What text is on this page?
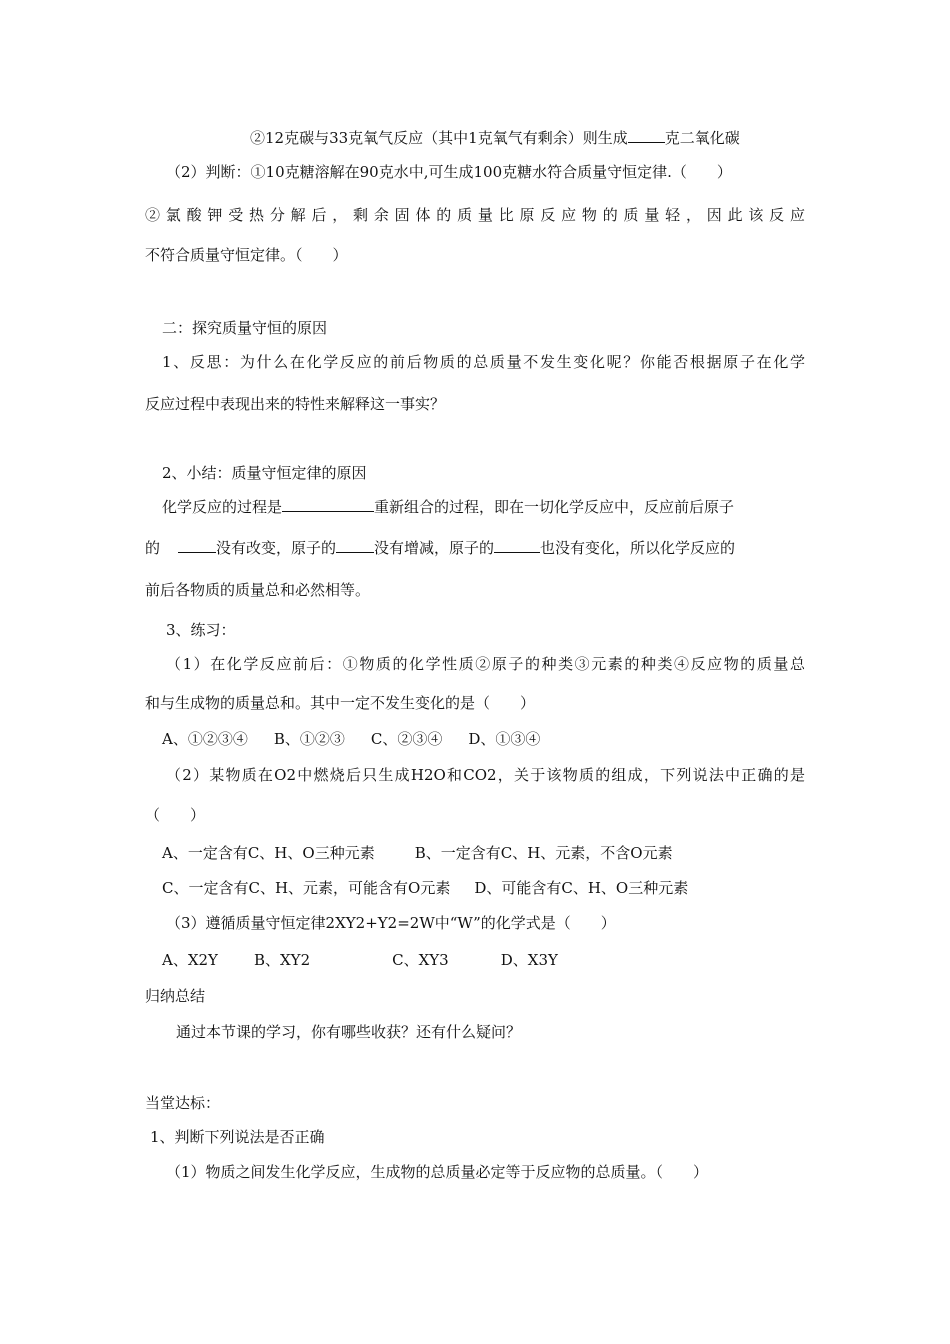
②12克碳与33克氧气反应（其中1克氧气有剩余）则生成 克二氧化碳
（2）判断：①10克糖溶解在90克水中,可生成100克糖水符合质量守恒定律.（　　）
②氯酸钾受热分解后，剩余固体的质量比原反应物的质量轻，因此该反应
不符合质量守恒定律。（　　）
二：探究质量守恒的原因
1、反思：为什么在化学反应的前后物质的总质量不发生变化呢？你能否根据原子在化学
反应过程中表现出来的特性来解释这一事实？
2、小结：质量守恒定律的原因
化学反应的过程是	重新组合的过程，即在一切化学反应中，反应前后原子
的	没有改变，原子的	没有增减，原子的	也没有变化，所以化学反应的
前后各物质的质量总和必然相等。
3、练习：
（1）在化学反应前后：①物质的化学性质②原子的种类③元素的种类④反应物的质量总
和与生成物的质量总和。其中一定不发生变化的是（　　）
A、①②③④ B、①②③ C、②③④ D、①③④
（2）某物质在O2中燃烧后只生成H2O和CO2，关于该物质的组成，下列说法中正确的是
（　　）
A、一定含有C、H、O三种元素	B、一定含有C、H、元素，不含O元素
C、一定含有C、H、元素，可能含有O元素 D、可能含有C、H、O三种元素
（3）遵循质量守恒定律2XY2+Y2=2W中“W”的化学式是（　　）
A、X2Y B、XY2	C、XY3	D、X3Y
归纳总结
通过本节课的学习，你有哪些收获？还有什么疑问？
当堂达标：
1、判断下列说法是否正确
（1）物质之间发生化学反应，生成物的总质量必定等于反应物的总质量。（　　）
